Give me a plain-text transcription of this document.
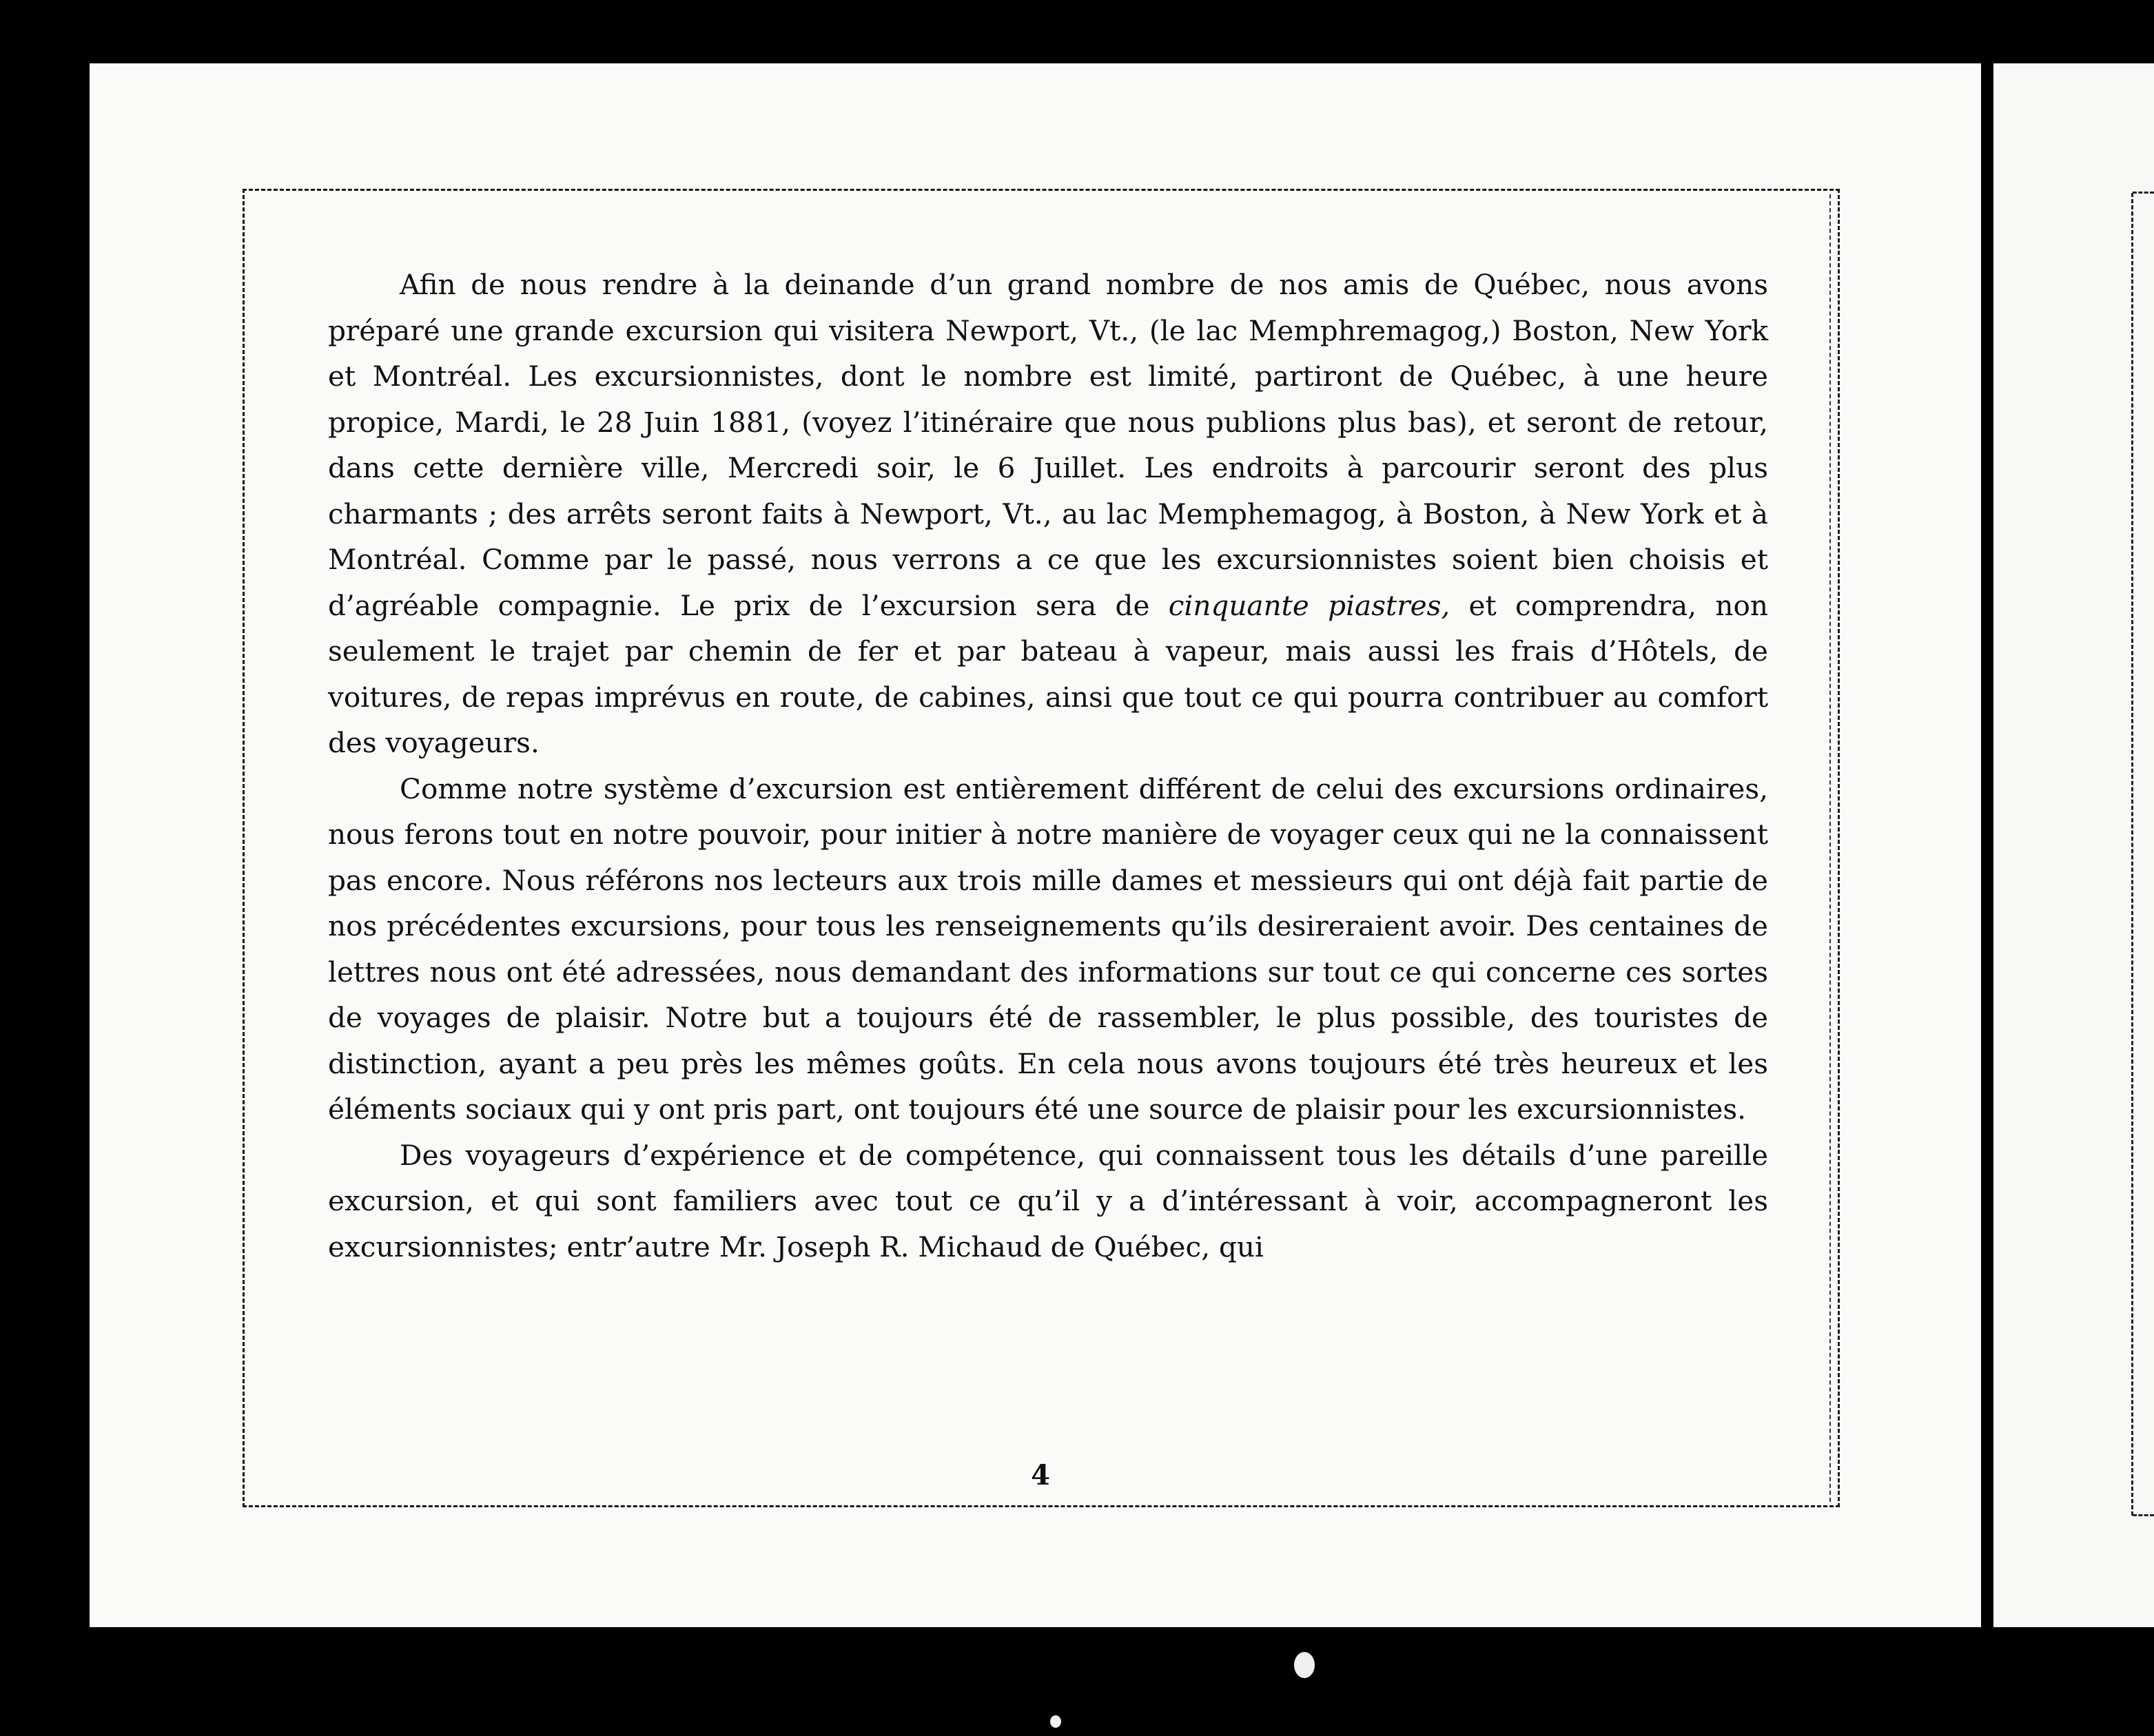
Afin de nous rendre à la deinande d’un grand nombre de nos amis de Québec, nous avons préparé une grande excursion qui visitera Newport, Vt., (le lac Memphremagog,) Boston, New York et Montréal. Les excursionnistes, dont le nombre est limité, partiront de Québec, à une heure propice, Mardi, le 28 Juin 1881, (voyez l’itinéraire que nous publions plus bas), et seront de retour, dans cette dernière ville, Mercredi soir, le 6 Juillet. Les endroits à parcourir seront des plus charmants ; des arrêts seront faits à Newport, Vt., au lac Memphemagog, à Boston, à New York et à Montréal. Comme par le passé, nous verrons a ce que les excursionnistes soient bien choisis et d’agréable compagnie. Le prix de l’excursion sera de cinquante piastres, et comprendra, non seulement le trajet par chemin de fer et par bateau à vapeur, mais aussi les frais d’Hôtels, de voitures, de repas imprévus en route, de cabines, ainsi que tout ce qui pourra contribuer au comfort des voyageurs.

Comme notre système d’excursion est entièrement différent de celui des excursions ordinaires, nous ferons tout en notre pouvoir, pour initier à notre manière de voyager ceux qui ne la connaissent pas encore. Nous référons nos lecteurs aux trois mille dames et messieurs qui ont déjà fait partie de nos précédentes excursions, pour tous les renseignements qu’ils desireraient avoir. Des centaines de lettres nous ont été adressées, nous demandant des informations sur tout ce qui concerne ces sortes de voyages de plaisir. Notre but a toujours été de rassembler, le plus possible, des touristes de distinction, ayant a peu près les mêmes goûts. En cela nous avons toujours été très heureux et les éléments sociaux qui y ont pris part, ont toujours été une source de plaisir pour les excursionnistes.

Des voyageurs d’expérience et de compétence, qui connaissent tous les détails d’une pareille excursion, et qui sont familiers avec tout ce qu’il y a d’intéressant à voir, accompagneront les excursionnistes; entr’autre Mr. Joseph R. Michaud de Québec, qui

4
